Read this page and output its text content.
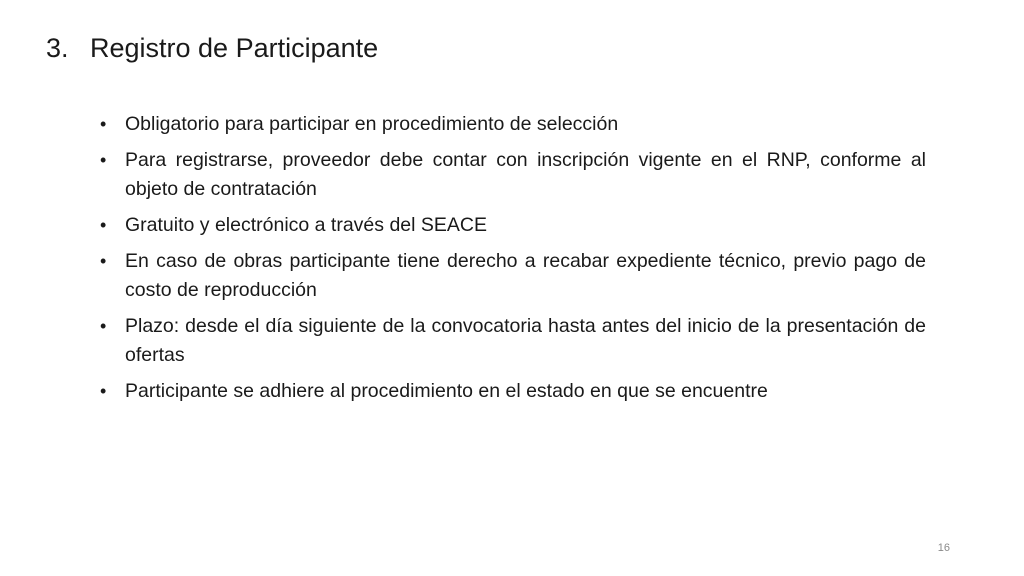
3. Registro de Participante
• Obligatorio para participar en procedimiento de selección
• Para registrarse, proveedor debe contar con inscripción vigente en el RNP, conforme al objeto de contratación
• Gratuito y electrónico a través del SEACE
• En caso de obras participante tiene derecho a recabar expediente técnico, previo pago de costo de reproducción
• Plazo: desde el día siguiente de la convocatoria hasta antes del inicio de la presentación de ofertas
• Participante se adhiere al procedimiento en el estado en que se encuentre
16
